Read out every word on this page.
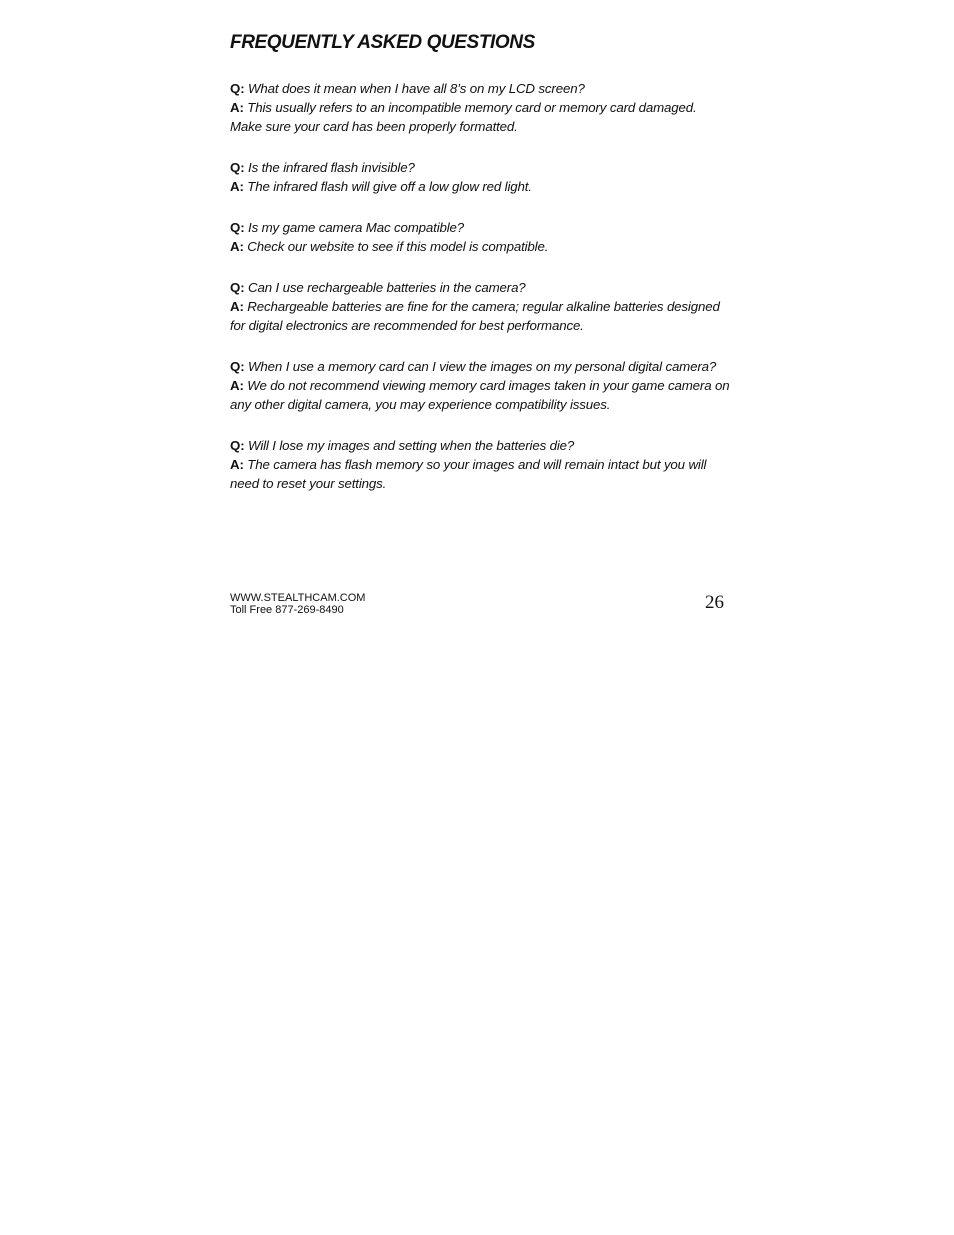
FREQUENTLY ASKED QUESTIONS
Q: What does it mean when I have all 8’s on my LCD screen?
A: This usually refers to an incompatible memory card or memory card damaged. Make sure your card has been properly formatted.
Q: Is the infrared flash invisible?
A: The infrared flash will give off a low glow red light.
Q: Is my game camera Mac compatible?
A: Check our website to see if this model is compatible.
Q: Can I use rechargeable batteries in the camera?
A: Rechargeable batteries are fine for the camera; regular alkaline batteries designed for digital electronics are recommended for best performance.
Q: When I use a memory card can I view the images on my personal digital camera?
A: We do not recommend viewing memory card images taken in your game camera on any other digital camera, you may experience compatibility issues.
Q: Will I lose my images and setting when the batteries die?
A: The camera has flash memory so your images and will remain intact but you will need to reset your settings.
WWW.STEALTHCAM.COM
Toll Free 877-269-8490	26
